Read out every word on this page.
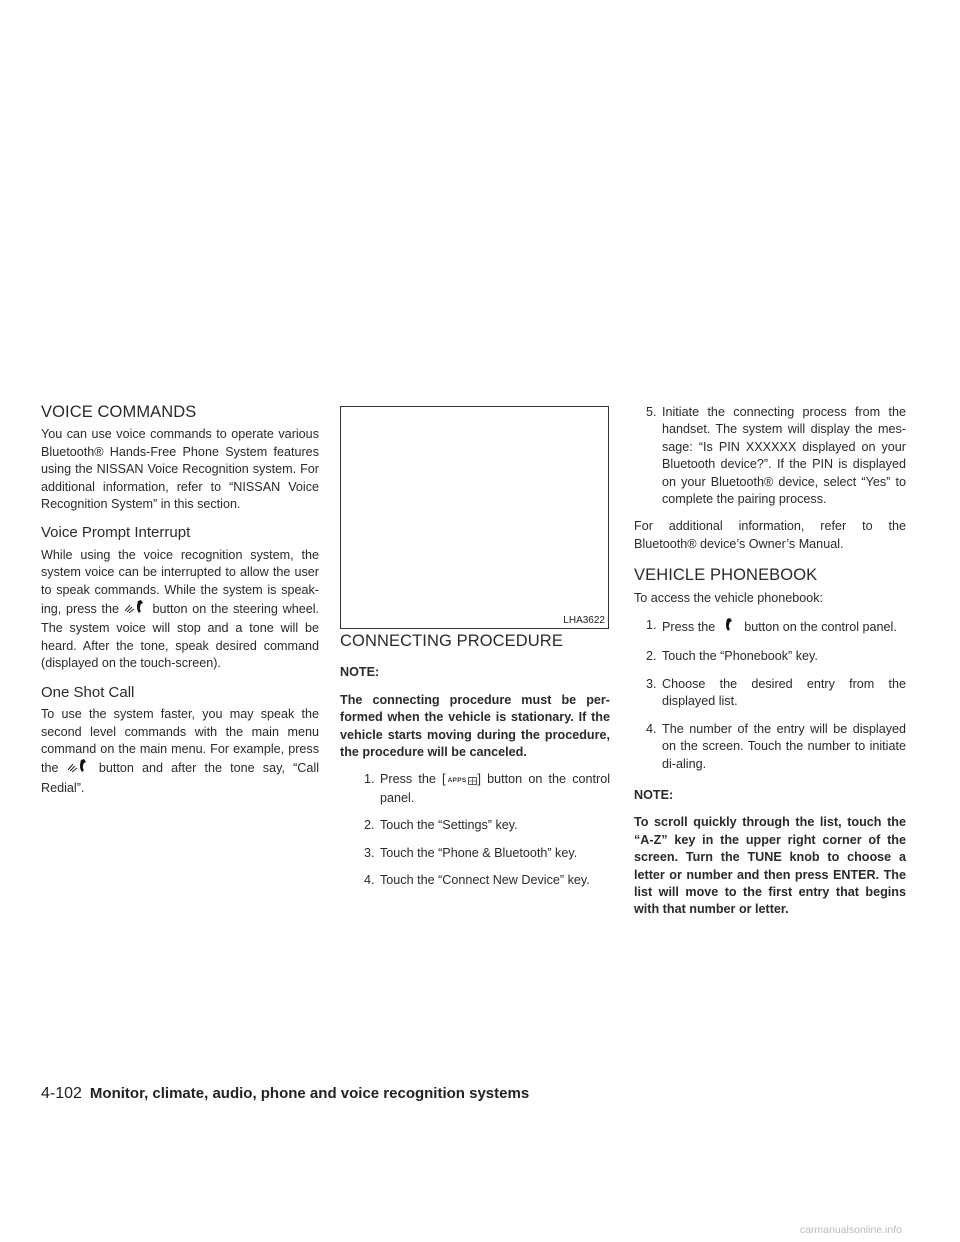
VOICE COMMANDS

You can use voice commands to operate various Bluetooth® Hands-Free Phone System features using the NISSAN Voice Recognition system. For additional information, refer to “NISSAN Voice Recognition System” in this section.

Voice Prompt Interrupt

While using the voice recognition system, the system voice can be interrupted to allow the user to speak commands. While the system is speak-ing, press the	button on the steering wheel. The system voice will stop and a tone will be heard. After the tone, speak desired command (displayed on the touch-screen).

One Shot Call

To use the system faster, you may speak the second level commands with the main menu command on the main menu. For example, press the	button and after the tone say, “Call Redial”.

LHA3622
CONNECTING PROCEDURE

NOTE:

The connecting procedure must be per-formed when the vehicle is stationary. If the vehicle starts moving during the procedure, the procedure will be canceled.

1. Press the [ APPS ] button on the control panel.
2. Touch the “Settings” key.
3. Touch the “Phone & Bluetooth” key.
4. Touch the “Connect New Device” key.
5. Initiate the connecting process from the handset. The system will display the mes-sage: “Is PIN XXXXXX displayed on your Bluetooth device?”. If the PIN is displayed on your Bluetooth® device, select “Yes” to complete the pairing process.

For additional information, refer to the Bluetooth® device’s Owner’s Manual.

VEHICLE PHONEBOOK

To access the vehicle phonebook:

1. Press the button on the control panel.
2. Touch the “Phonebook” key.
3. Choose the desired entry from the displayed list.
4. The number of the entry will be displayed on the screen. Touch the number to initiate di-aling.

NOTE:

To scroll quickly through the list, touch the “A-Z” key in the upper right corner of the screen. Turn the TUNE knob to choose a letter or number and then press ENTER. The list will move to the first entry that begins with that number or letter.

4-102 Monitor, climate, audio, phone and voice recognition systems
carmanualsonline.info
